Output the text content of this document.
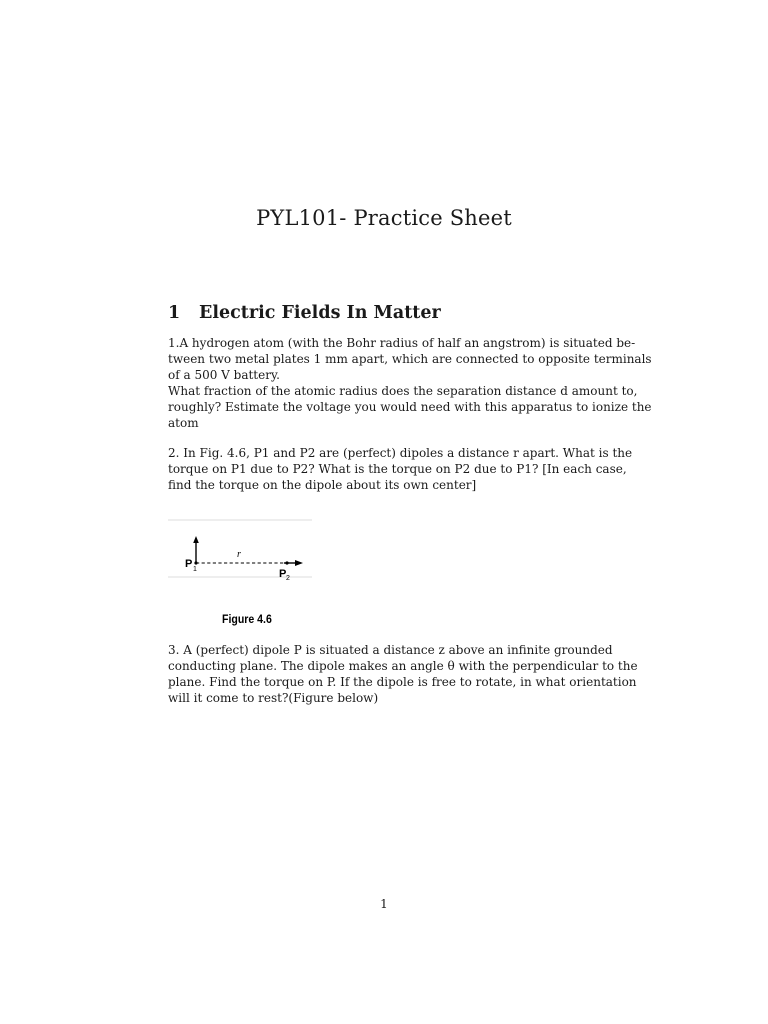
PYL101- Practice Sheet
1 Electric Fields In Matter
1.A hydrogen atom (with the Bohr radius of half an angstrom) is situated be-
tween two metal plates 1 mm apart, which are connected to opposite terminals
of a 500 V battery.
What fraction of the atomic radius does the separation distance d amount to,
roughly? Estimate the voltage you would need with this apparatus to ionize the
atom
2. In Fig. 4.6, P1 and P2 are (perfect) dipoles a distance r apart. What is the
torque on P1 due to P2? What is the torque on P2 due to P1? [In each case,
find the torque on the dipole about its own center]
r
P 1	P 2
Figure 4.6
3. A (perfect) dipole P is situated a distance z above an infinite grounded
conducting plane. The dipole makes an angle θ with the perpendicular to the
plane. Find the torque on P. If the dipole is free to rotate, in what orientation
will it come to rest?(Figure below)
1
